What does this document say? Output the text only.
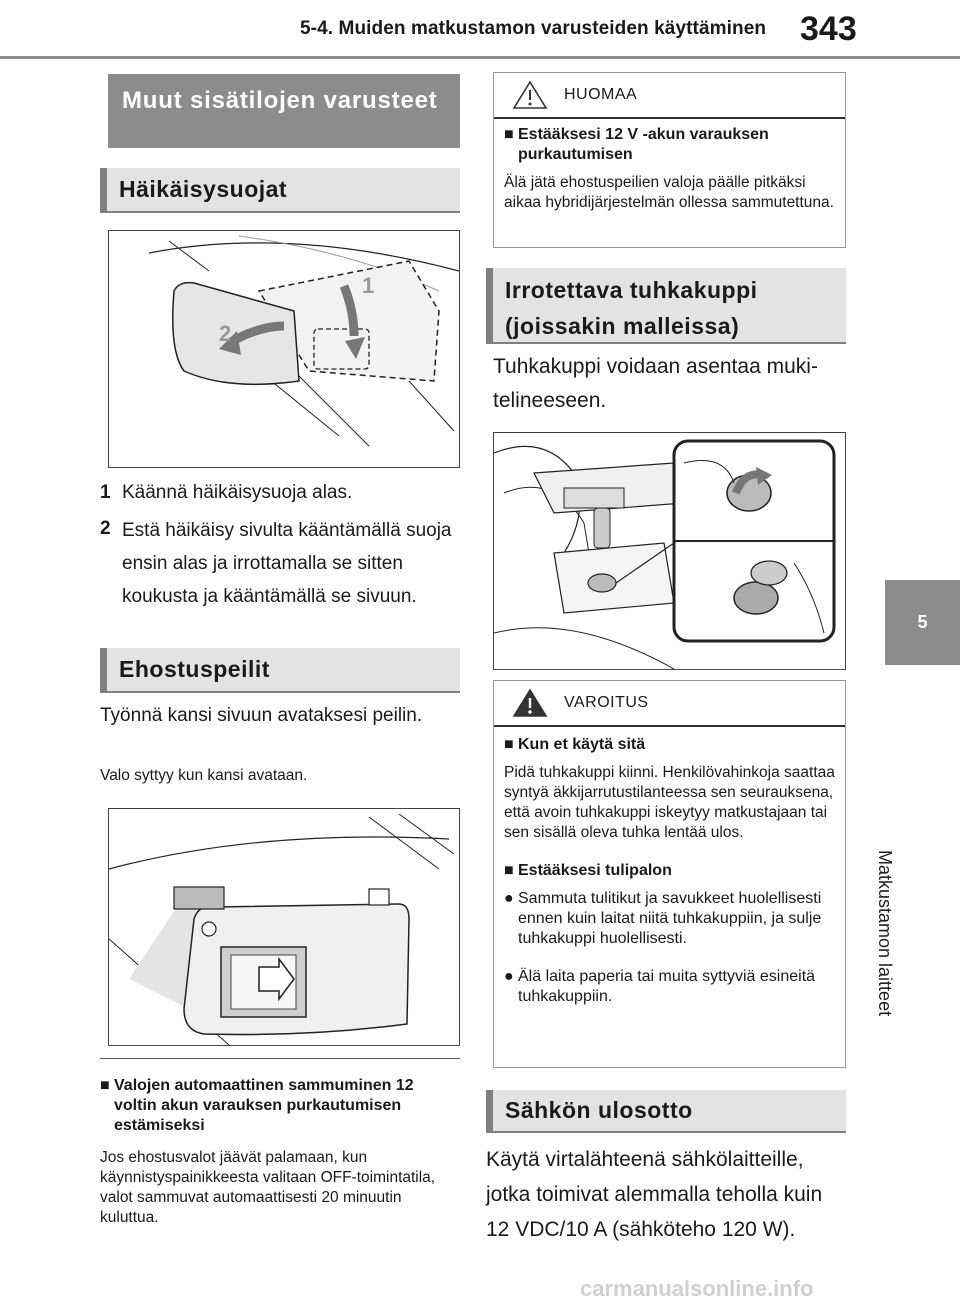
5-4. Muiden matkustamon varusteiden käyttäminen 343
5
Matkustamon laitteet
Muut sisätilojen varusteet
Häikäisysuojat
2
1
1 Käännä häikäisysuoja alas.
2 Estä häikäisy sivulta kääntämällä suoja ensin alas ja irrottamalla se sitten koukusta ja kääntämällä se sivuun.
Ehostuspeilit
Työnnä kansi sivuun avataksesi peilin.
Valo syttyy kun kansi avataan.
■ Valojen automaattinen sammuminen 12 voltin akun varauksen purkautumisen estämiseksi
Jos ehostusvalot jäävät palamaan, kun käynnistyspainikkeesta valitaan OFF-toimintatila, valot sammuvat automaattisesti 20 minuutin kuluttua.
HUOMAA
■ Estääksesi 12 V -akun varauksen purkautumisen
Älä jätä ehostuspeilien valoja päälle pitkäksi aikaa hybridijärjestelmän ollessa sammutettuna.
Irrotettava tuhkakuppi (joissakin malleissa)
Tuhkakuppi voidaan asentaa mukitelineeseen.
VAROITUS
■ Kun et käytä sitä
Pidä tuhkakuppi kiinni. Henkilövahinkoja saattaa syntyä äkkijarrutustilanteessa sen seurauksena, että avoin tuhkakuppi iskeytyy matkustajaan tai sen sisällä oleva tuhka lentää ulos.
■ Estääksesi tulipalon
● Sammuta tulitikut ja savukkeet huolellisesti ennen kuin laitat niitä tuhkakuppiin, ja sulje tuhkakuppi huolellisesti.
● Älä laita paperia tai muita syttyviä esineitä tuhkakuppiin.
Sähkön ulosotto
Käytä virtalähteenä sähkölaitteille, jotka toimivat alemmalla teholla kuin 12 VDC/10 A (sähköteho 120 W).
carmanualsonline.info
